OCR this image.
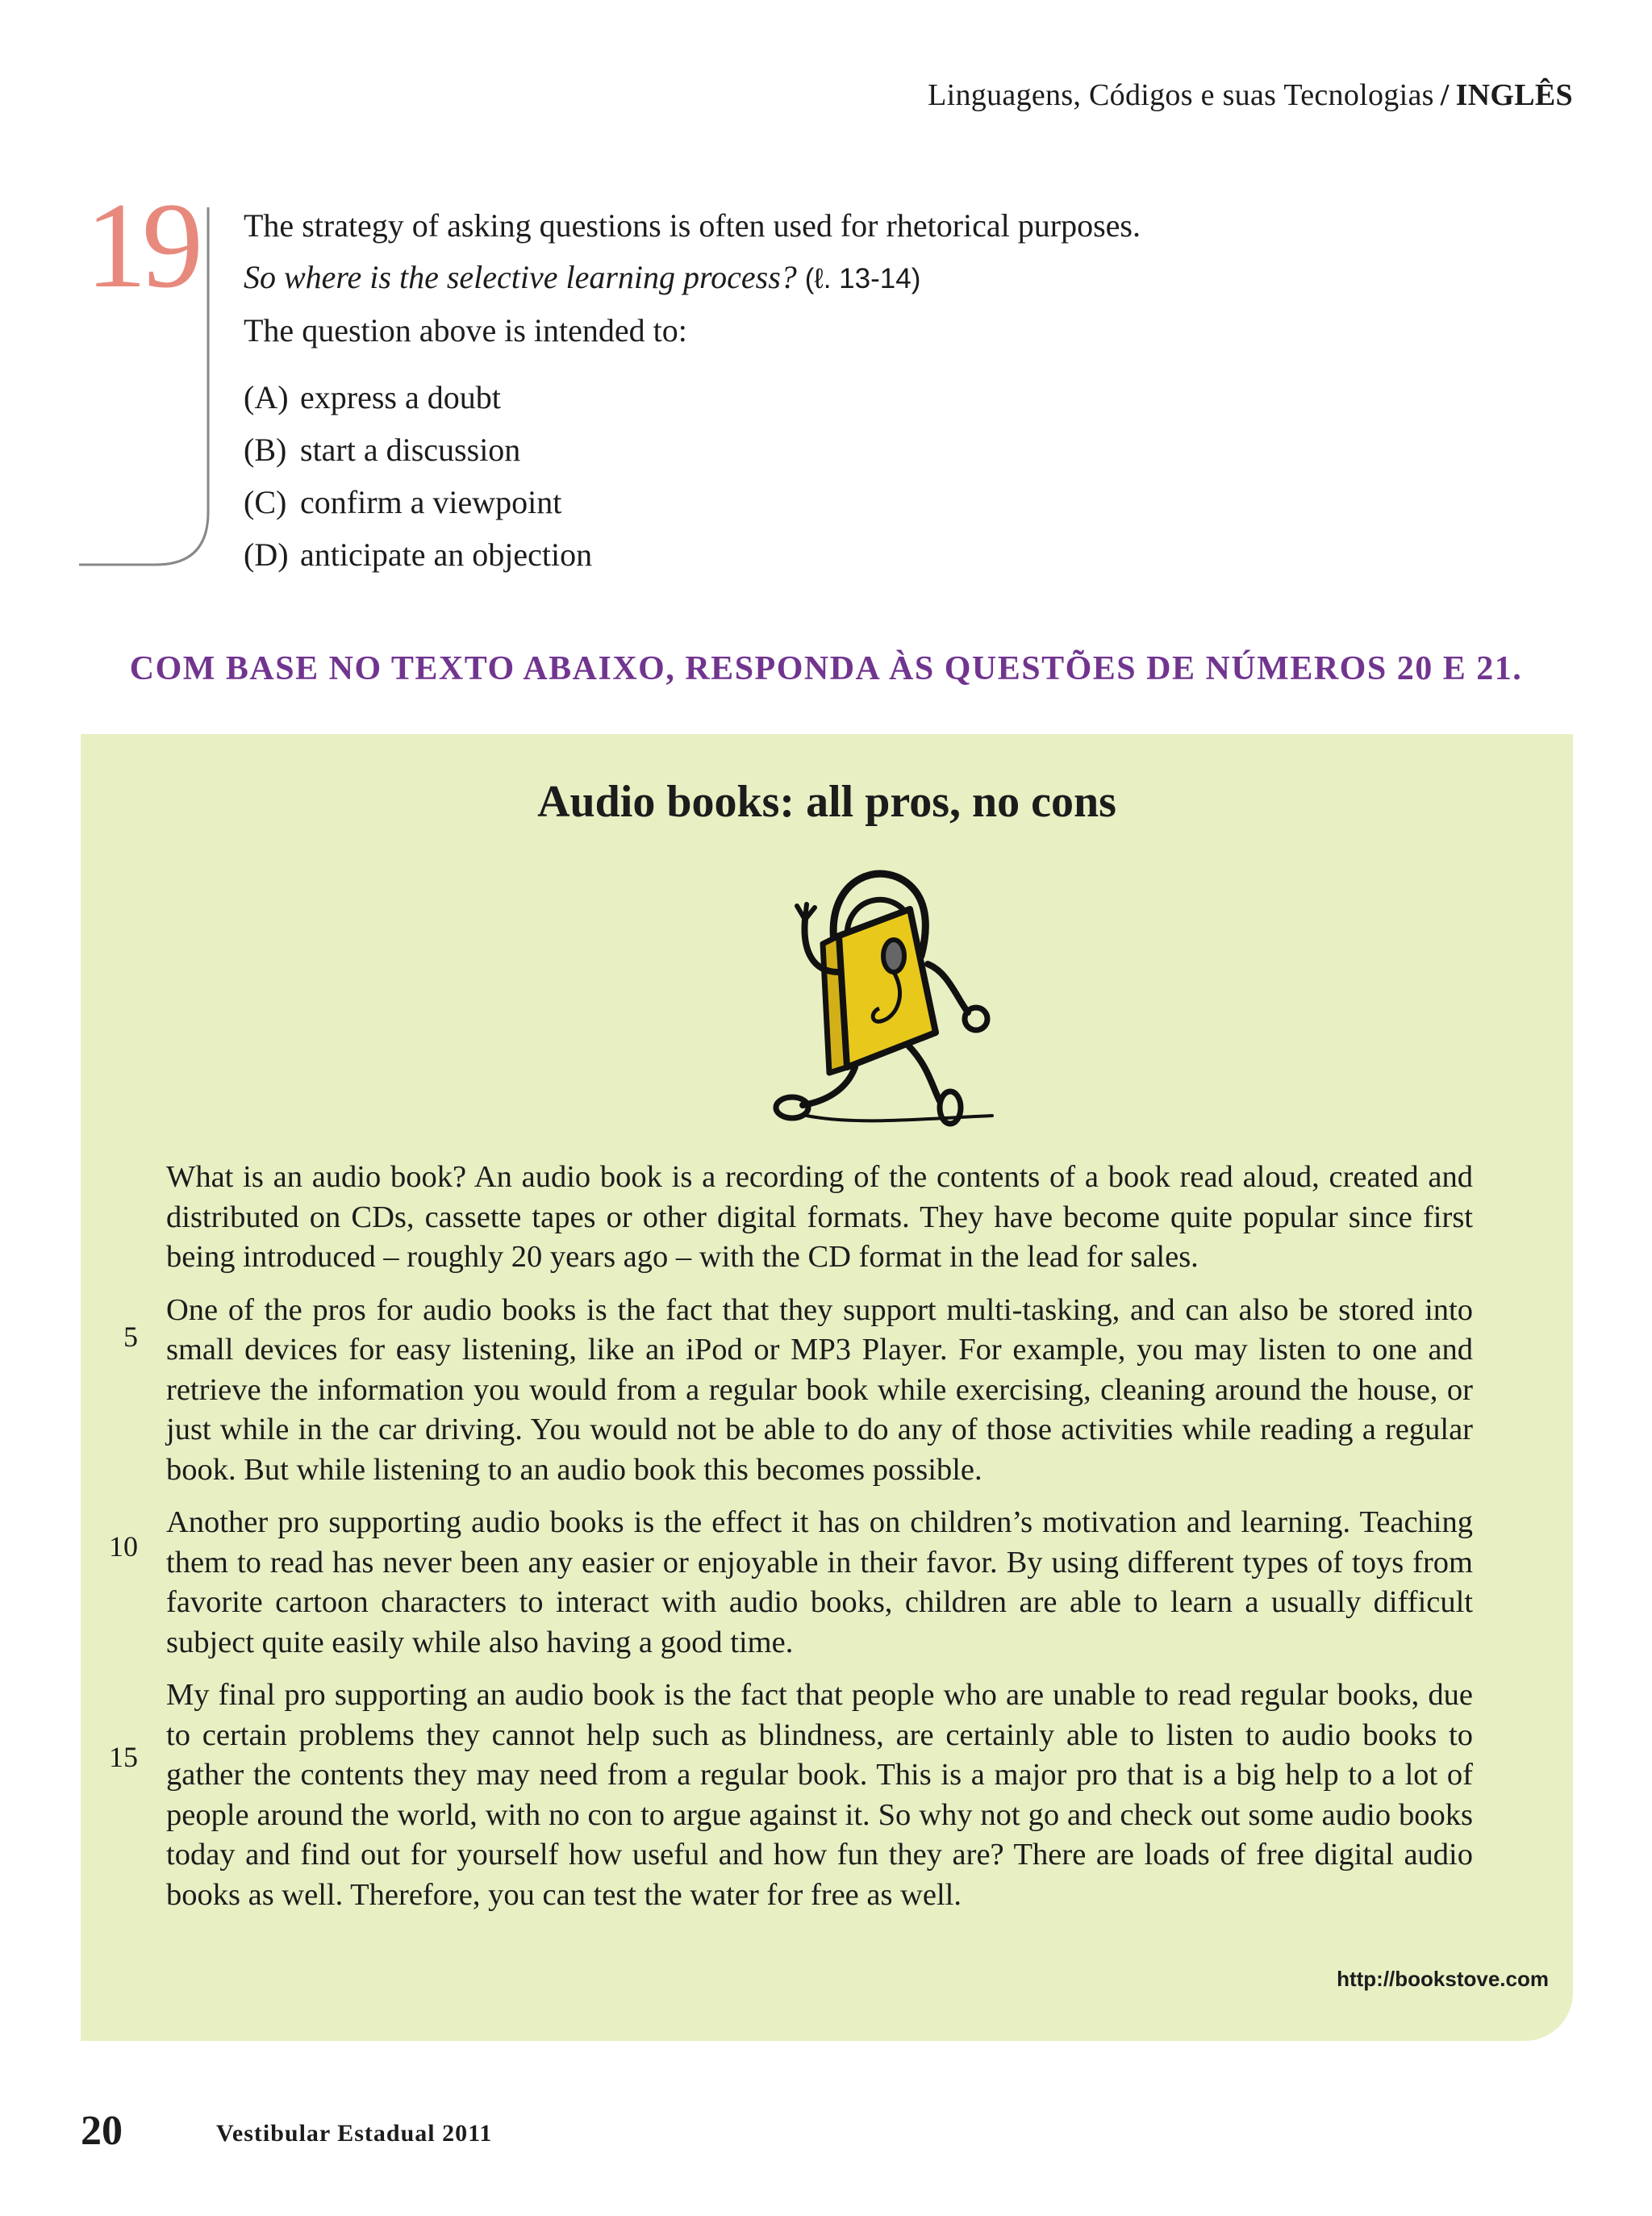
Linguagens, Códigos e suas Tecnologias / INGLÊS
19 The strategy of asking questions is often used for rhetorical purposes.
So where is the selective learning process? (ℓ. 13-14)
The question above is intended to:
(A) express a doubt
(B) start a discussion
(C) confirm a viewpoint
(D) anticipate an objection
COM BASE NO TEXTO ABAIXO, RESPONDA ÀS QUESTÕES DE NÚMEROS 20 E 21.
Audio books: all pros, no cons
5
10
15

What is an audio book? An audio book is a recording of the contents of a book read aloud, created and distributed on CDs, cassette tapes or other digital formats. They have become quite popular since first being introduced – roughly 20 years ago – with the CD format in the lead for sales.

One of the pros for audio books is the fact that they support multi-tasking, and can also be stored into small devices for easy listening, like an iPod or MP3 Player. For example, you may listen to one and retrieve the information you would from a regular book while exercising, cleaning around the house, or just while in the car driving. You would not be able to do any of those activities while reading a regular book. But while listening to an audio book this becomes possible.

Another pro supporting audio books is the effect it has on children’s motivation and learning. Teaching them to read has never been any easier or enjoyable in their favor. By using different types of toys from favorite cartoon characters to interact with audio books, children are able to learn a usually difficult subject quite easily while also having a good time.

My final pro supporting an audio book is the fact that people who are unable to read regular books, due to certain problems they cannot help such as blindness, are certainly able to listen to audio books to gather the contents they may need from a regular book. This is a major pro that is a big help to a lot of people around the world, with no con to argue against it. So why not go and check out some audio books today and find out for yourself how useful and how fun they are? There are loads of free digital audio books as well. Therefore, you can test the water for free as well.

http://bookstove.com
20	Vestibular Estadual 2011
